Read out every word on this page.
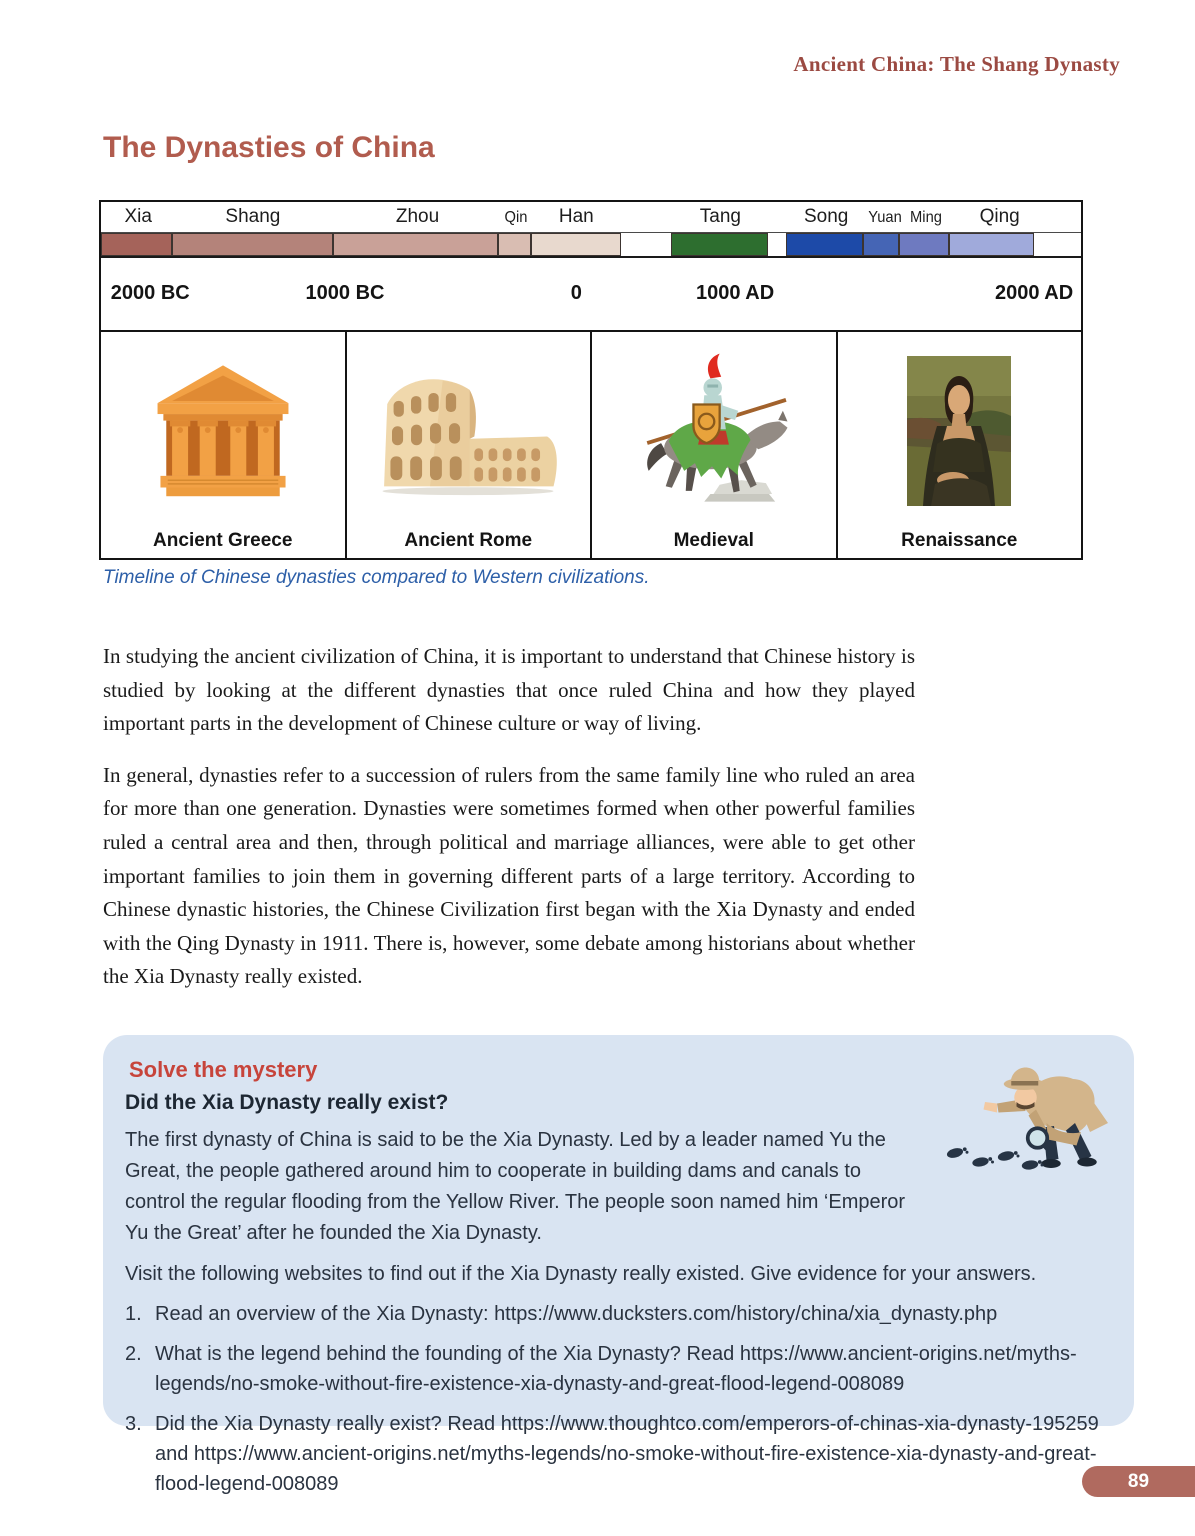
Ancient China: The Shang Dynasty
The Dynasties of China
Xia	Shang	Zhou	Qin Han	Tang	Song Yuan Ming Qing
2000 BC	1000 BC	0	1000 AD	2000 AD
Ancient Greece	Ancient Rome	Medieval	Renaissance
Timeline of Chinese dynasties compared to Western civilizations.

In studying the ancient civilization of China, it is important to understand that Chinese history is studied by looking at the different dynasties that once ruled China and how they played important parts in the development of Chinese culture or way of living.

In general, dynasties refer to a succession of rulers from the same family line who ruled an area for more than one generation. Dynasties were sometimes formed when other powerful families ruled a central area and then, through political and marriage alliances, were able to get other important families to join them in governing different parts of a large territory. According to Chinese dynastic histories, the Chinese Civilization first began with the Xia Dynasty and ended with the Qing Dynasty in 1911. There is, however, some debate among historians about whether the Xia Dynasty really existed.

Solve the mystery
Did the Xia Dynasty really exist?

The first dynasty of China is said to be the Xia Dynasty. Led by a leader named Yu the Great, the people gathered around him to cooperate in building dams and canals to control the regular flooding from the Yellow River. The people soon named him ‘Emperor Yu the Great’ after he founded the Xia Dynasty.

Visit the following websites to find out if the Xia Dynasty really existed. Give evidence for your answers.

1. Read an overview of the Xia Dynasty: https://www.ducksters.com/history/china/xia_dynasty.php
2. What is the legend behind the founding of the Xia Dynasty? Read https://www.ancient-origins.net/myths-legends/no-smoke-without-fire-existence-xia-dynasty-and-great-flood-legend-008089
3. Did the Xia Dynasty really exist? Read https://www.thoughtco.com/emperors-of-chinas-xia-dynasty-195259 and https://www.ancient-origins.net/myths-legends/no-smoke-without-fire-existence-xia-dynasty-and-great-flood-legend-008089	89
